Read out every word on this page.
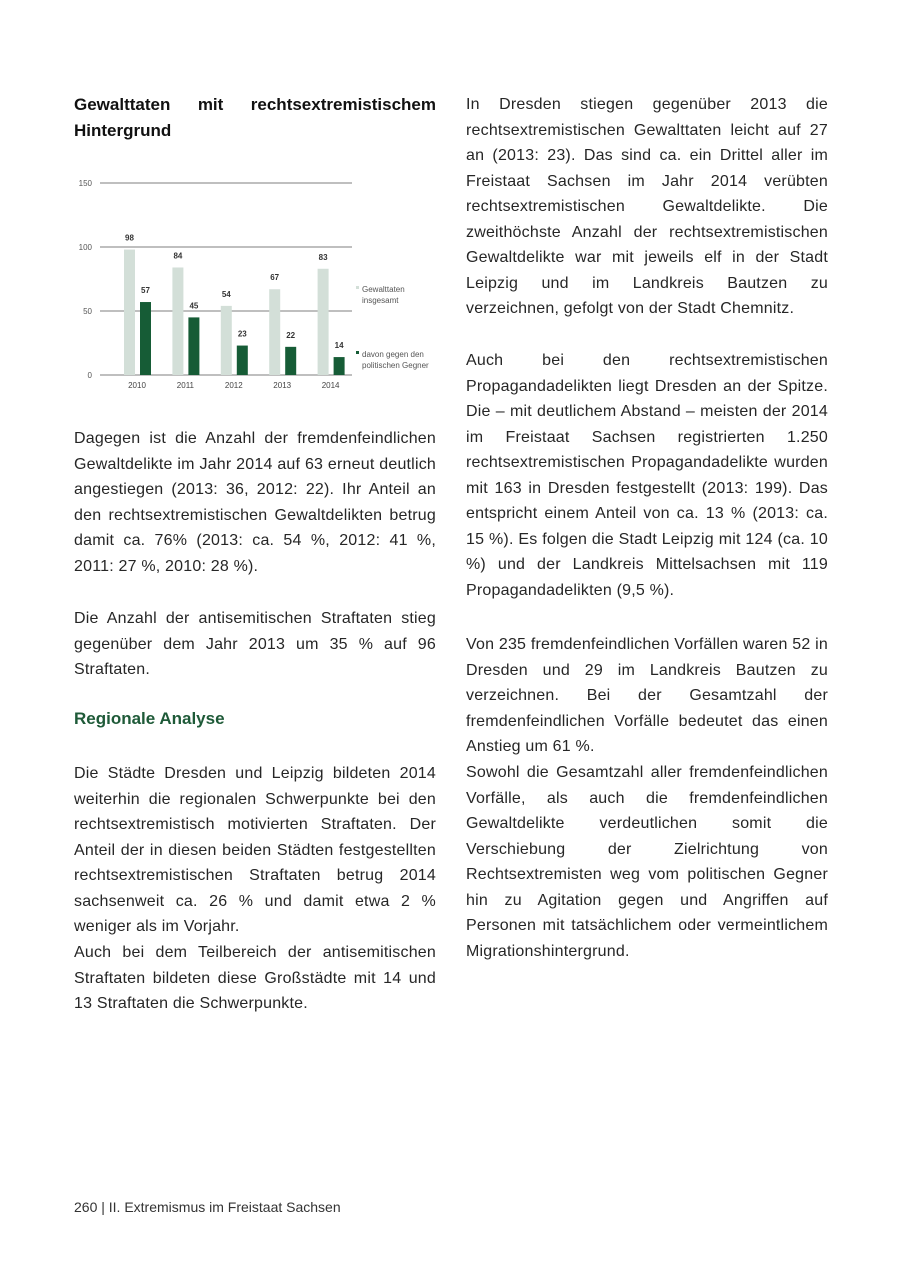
Gewalttaten mit rechtsextremistischem Hintergrund
0
50
100
150
98
57
2010
84
45
2011
54
23
2012
67
22
2013
83
14
2014
Gewalttaten
insgesamt
davon gegen den
politischen Gegner

Dagegen ist die Anzahl der fremdenfeindlichen Gewaltdelikte im Jahr 2014 auf 63 erneut deutlich angestiegen (2013: 36, 2012: 22). Ihr Anteil an den rechtsextremistischen Gewaltdelikten betrug damit ca. 76% (2013: ca. 54 %, 2012: 41 %, 2011: 27 %, 2010: 28 %).

Die Anzahl der antisemitischen Straftaten stieg gegenüber dem Jahr 2013 um 35 % auf 96 Straftaten.

Regionale Analyse

Die Städte Dresden und Leipzig bildeten 2014 weiterhin die regionalen Schwerpunkte bei den rechtsextremistisch motivierten Straftaten. Der Anteil der in diesen beiden Städten festgestellten rechtsextremistischen Straftaten betrug 2014 sachsenweit ca. 26 % und damit etwa 2 % weniger als im Vorjahr.

Auch bei dem Teilbereich der antisemitischen Straftaten bildeten diese Großstädte mit 14 und 13 Straftaten die Schwerpunkte.

In Dresden stiegen gegenüber 2013 die rechtsextremistischen Gewalttaten leicht auf 27 an (2013: 23). Das sind ca. ein Drittel aller im Freistaat Sachsen im Jahr 2014 verübten rechtsextremistischen Gewaltdelikte. Die zweithöchste Anzahl der rechtsextremistischen Gewaltdelikte war mit jeweils elf in der Stadt Leipzig und im Landkreis Bautzen zu verzeichnen, gefolgt von der Stadt Chemnitz.

Auch bei den rechtsextremistischen Propagandadelikten liegt Dresden an der Spitze. Die – mit deutlichem Abstand – meisten der 2014 im Freistaat Sachsen registrierten 1.250 rechtsextremistischen Propagandadelikte wurden mit 163 in Dresden festgestellt (2013: 199). Das entspricht einem Anteil von ca. 13 % (2013: ca. 15 %). Es folgen die Stadt Leipzig mit 124 (ca. 10 %) und der Landkreis Mittelsachsen mit 119 Propagandadelikten (9,5 %).

Von 235 fremdenfeindlichen Vorfällen waren 52 in Dresden und 29 im Landkreis Bautzen zu verzeichnen. Bei der Gesamtzahl der fremdenfeindlichen Vorfälle bedeutet das einen Anstieg um 61 %.

Sowohl die Gesamtzahl aller fremdenfeindlichen Vorfälle, als auch die fremdenfeindlichen Gewaltdelikte verdeutlichen somit die Verschiebung der Zielrichtung von Rechtsextremisten weg vom politischen Gegner hin zu Agitation gegen und Angriffen auf Personen mit tatsächlichem oder vermeintlichem Migrationshintergrund.

260 | II. Extremismus im Freistaat Sachsen
